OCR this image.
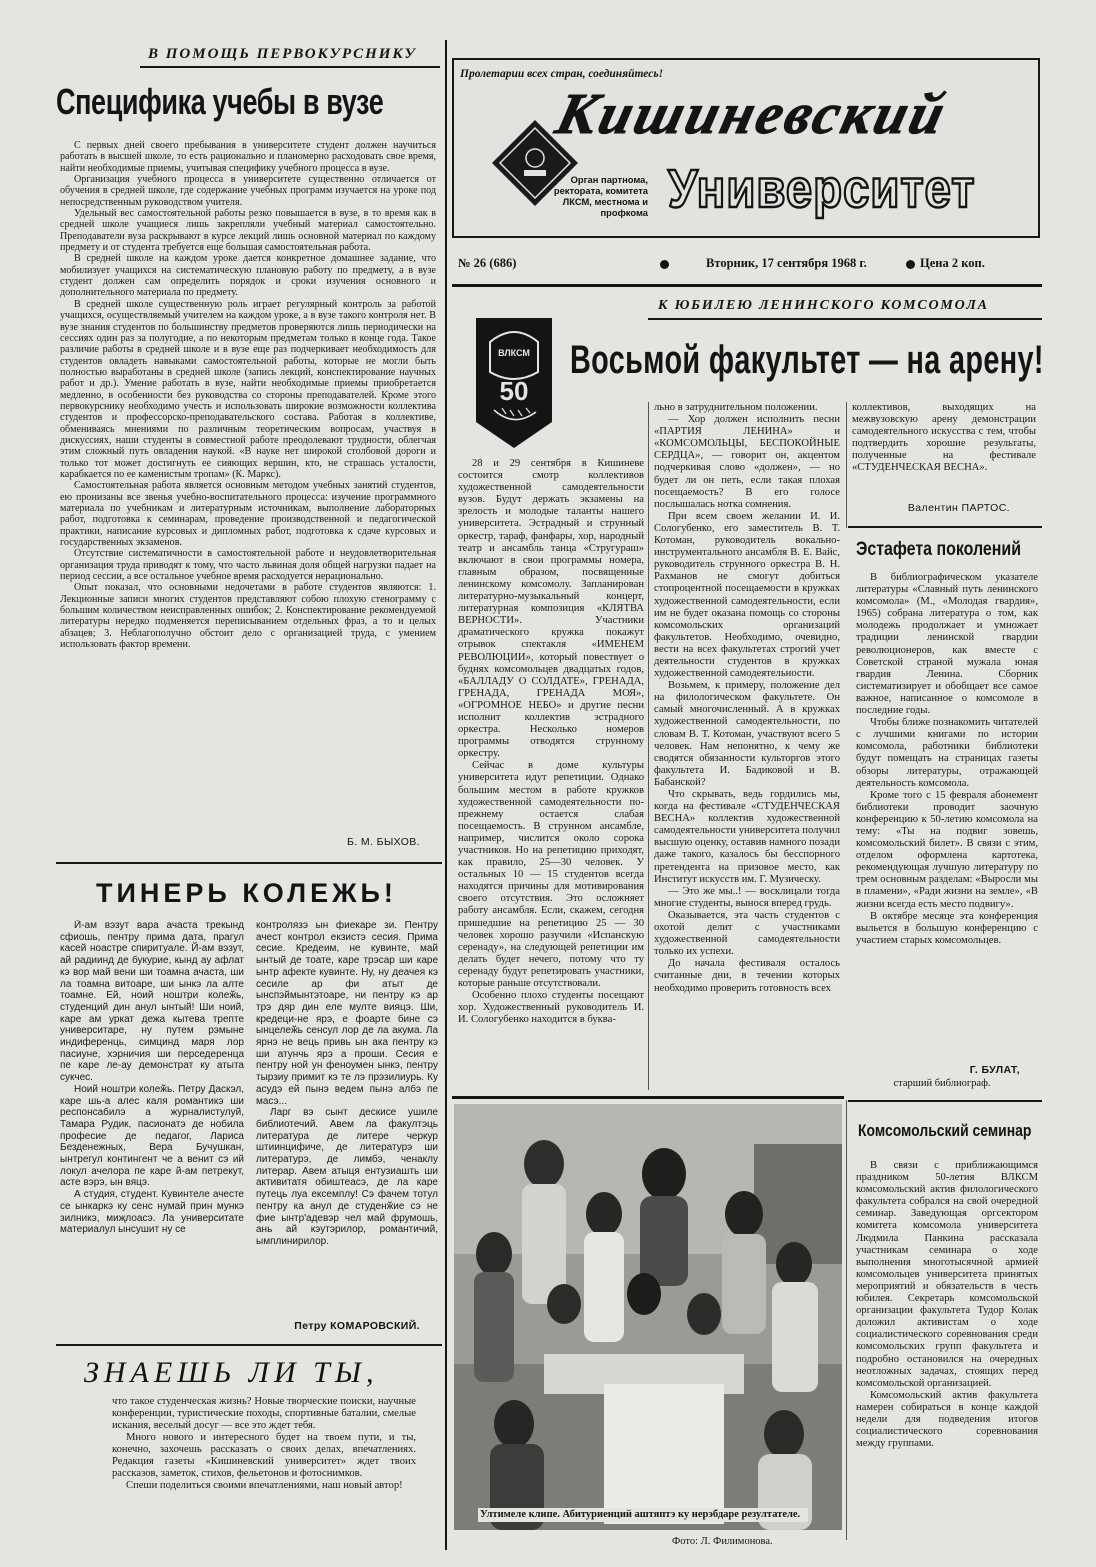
В ПОМОЩЬ ПЕРВОКУРСНИКУ
Специфика учебы в вузе

С первых дней своего пребывания в университете студент должен научиться работать в высшей школе, то есть рационально и планомерно расходовать свое время, найти необходимые приемы, учитывая специфику учебного процесса в вузе.

Организация учебного процесса в университете существенно отличается от обучения в средней школе, где содержание учебных программ изучается на уроке под непосредственным руководством учителя.

Удельный вес самостоятельной работы резко повышается в вузе, в то время как в средней школе учащиеся лишь закрепляли учебный материал самостоятельно. Преподаватели вуза раскрывают в курсе лекций лишь основной материал по каждому предмету и от студента требуется еще большая самостоятельная работа.

В средней школе на каждом уроке дается конкретное домашнее задание, что мобилизует учащихся на систематическую плановую работу по предмету, а в вузе студент должен сам определить порядок и сроки изучения основного и дополнительного материала по предмету.

В средней школе существенную роль играет регулярный контроль за работой учащихся, осуществляемый учителем на каждом уроке, а в вузе такого контроля нет. В вузе знания студентов по большинству предметов проверяются лишь периодически на сессиях один раз за полугодие, а по некоторым предметам только в конце года. Такое различие работы в средней школе и в вузе еще раз подчеркивает необходимость для студентов овладеть навыками самостоятельной работы, которые не могли быть полностью выработаны в средней школе (запись лекций, конспектирование научных работ и др.). Умение работать в вузе, найти необходимые приемы приобретается медленно, в особенности без руководства со стороны преподавателей. Кроме этого первокурснику необходимо учесть и использовать широкие возможности коллектива студентов и профессорско-преподавательского состава. Работая в коллективе, обмениваясь мнениями по различным теоретическим вопросам, участвуя в дискуссиях, наши студенты в совместной работе преодолевают трудности, облегчая этим сложный путь овладения наукой. «В науке нет широкой столбовой дороги и только тот может достигнуть ее сияющих вершин, кто, не страшась усталости, карабкается по ее каменистым тропам» (К. Маркс).

Самостоятельная работа является основным методом учебных занятий студентов, ею пронизаны все звенья учебно-воспитательного процесса: изучение программного материала по учебникам и литературным источникам, выполнение лабораторных работ, подготовка к семинарам, проведение производственной и педагогической практики, написание курсовых и дипломных работ, подготовка к сдаче курсовых и государственных экзаменов.

Отсутствие систематичности в самостоятельной работе и неудовлетворительная организация труда приводят к тому, что часто львиная доля общей нагрузки падает на период сессии, а все остальное учебное время расходуется нерационально.

Опыт показал, что основными недочетами в работе студентов являются: 1. Лекционные записи многих студентов представляют собою плохую стенограмму с большим количеством неисправленных ошибок; 2. Конспектирование рекомендуемой литературы нередко подменяется переписыванием отдельных фраз, а то и целых абзацев; 3. Неблагополучно обстоит дело с организацией труда, с умением использовать фактор времени.

Б. М. БЫХОВ.
Пролетарии всех стран, соединяйтесь!
КГУ
Кишиневский
Орган партнома, ректората, комитета ЛКСМ, местнома и профкома Университет
№ 26 (686)	Вторник, 17 сентября 1968 г.	Цена 2 коп.
К ЮБИЛЕЮ ЛЕНИНСКОГО КОМСОМОЛА
ВЛКСМ
50
Восьмой факультет — на арену!

28 и 29 сентября в Кишиневе состоится смотр коллективов художественной самодеятельности вузов. Будут держать экзамены на зрелость и молодые таланты нашего университета. Эстрадный и струнный оркестр, тараф, фанфары, хор, народный театр и ансамбль танца «Стругураш» включают в свои программы номера, главным образом, посвященные ленинскому комсомолу. Запланирован литературно-музыкальный концерт, литературная композиция «КЛЯТВА ВЕРНОСТИ». Участники драматического кружка покажут отрывок спектакля «ИМЕНЕМ РЕВОЛЮЦИИ», который повествует о буднях комсомольцев двадцатых годов, «БАЛЛАДУ О СОЛДАТЕ», ГРЕНАДА, ГРЕНАДА, ГРЕНАДА МОЯ», «ОГРОМНОЕ НЕБО» и другие песни исполнит коллектив эстрадного оркестра. Несколько номеров программы отводятся струнному оркестру.

Сейчас в доме культуры университета идут репетиции. Однако большим местом в работе кружков художественной самодеятельности по-прежнему остается слабая посещаемость. В струнном ансамбле, например, числится около сорока участников. Но на репетицию приходят, как правило, 25—30 человек. У остальных 10 — 15 студентов всегда находятся причины для мотивирования своего отсутствия. Это осложняет работу ансамбля. Если, скажем, сегодня пришедшие на репетицию 25 — 30 человек хорошо разучили «Испанскую серенаду», на следующей репетиции им делать будет нечего, потому что ту серенаду будут репетировать участники, которые раньше отсутствовали.

Особенно плохо студенты посещают хор. Художественный руководитель И. И. Сологубенко находится в буква-

льно в затруднительном положении.

— Хор должен исполнить песни «ПАРТИЯ ЛЕНИНА» и «КОМСОМОЛЬЦЫ, БЕСПОКОЙНЫЕ СЕРДЦА», — говорит он, акцентом подчеркивая слово «должен», — но будет ли он петь, если такая плохая посещаемость? В его голосе послышалась нотка сомнения.

При всем своем желании И. И. Сологубенко, его заместитель В. Т. Котоман, руководитель вокально-инструментального ансамбля В. Е. Вайс, руководитель струнного оркестра В. Н. Рахманов не смогут добиться стопроцентной посещаемости в кружках художественной самодеятельности, если им не будет оказана помощь со стороны комсомольских организаций факультетов. Необходимо, очевидно, вести на всех факультетах строгий учет деятельности студентов в кружках художественной самодеятельности.

Возьмем, к примеру, положение дел на филологическом факультете. Он самый многочисленный. А в кружках художественной самодеятельности, по словам В. Т. Котоман, участвуют всего 5 человек. Нам непонятно, к чему же сводятся обязанности культоргов этого факультета И. Бадиковой и В. Бабанской?

Что скрывать, ведь гордились мы, когда на фестивале «СТУДЕНЧЕСКАЯ ВЕСНА» коллектив художественной самодеятельности университета получил высшую оценку, оставив намного позади даже такого, казалось бы бесспорного претендента на призовое место, как Институт искусств им. Г. Музическу.

— Это же мы..! — восклицали тогда многие студенты, вынося вперед грудь.

Оказывается, эта часть студентов с охотой делит с участниками художественной самодеятельности только их успехи.

До начала фестиваля осталось считанные дни, в течении которых необходимо проверить готовность всех

коллективов, выходящих на межвузовскую арену демонстрации самодеятельного искусства с тем, чтобы подтвердить хорошие результаты, полученные на фестивале «СТУДЕНЧЕСКАЯ ВЕСНА».

Валентин ПАРТОС.
Эстафета поколений

В библиографическом указателе литературы «Славный путь ленинского комсомола» (М., «Молодая гвардия», 1965) собрана литература о том, как молодежь продолжает и умножает традиции ленинской гвардии революционеров, как вместе с Советской страной мужала юная гвардия Ленина. Сборник систематизирует и обобщает все самое важное, написанное о комсомоле в последние годы.

Чтобы ближе познакомить читателей с лучшими книгами по истории комсомола, работники библиотеки будут помещать на страницах газеты обзоры литературы, отражающей деятельность комсомола.

Кроме того с 15 февраля абонемент библиотеки проводит заочную конференцию к 50-летию комсомола на тему: «Ты на подвиг зовешь, комсомольский билет». В связи с этим, отделом оформлена картотека, рекомендующая лучшую литературу по трем основным разделам: «Выросли мы в пламени», «Ради жизни на земле», «В жизни всегда есть место подвигу».

В октябре месяце эта конференция выльется в большую конференцию с участием старых комсомольцев.

Г. БУЛАТ,
старший библиограф.
Комсомольский семинар

В связи с приближающимся праздником 50-летия ВЛКСМ комсомольский актив филологического факультета собрался на свой очередной семинар. Заведующая оргсектором комитета комсомола университета Людмила Панкина рассказала участникам семинара о ходе выполнения многотысячной армией комсомольцев университета принятых мероприятий и обязательств в честь юбилея. Секретарь комсомольской организации факультета Тудор Колак доложил активистам о ходе социалистического соревнования среди комсомольских групп факультета и подробно остановился на очередных неотложных задачах, стоящих перед комсомольской организацией.

Комсомольский актив факультета намерен собираться в конце каждой недели для подведения итогов социалистического соревнования между группами.

ТИНЕРЬ КОЛЕЖЬ!

Й-ам вэзут вара ачаста трекынд сфиошь, пентру прима дата, прагул касей ноастре спиритуале. Й-ам вэзут, ай радиинд де букурие, кынд ау афлат кэ вор май вени ши тоамна ачаста, ши ла тоамна витоаре, ши ынкэ ла алте тоамне. Ей, ноий ноштри колеӂь, студенций дин анул ынтый! Ши ноий, каре ам уркат дежа кытева трепте университаре, ну путем рэмыне индиференць, симцинд маря лор пасиуне, хэрничия ши перседеренца пе каре ле-ау демонстрат ку атыта сукчес.

Ноий ноштри колеӂь. Петру Даскэл, каре шь-а алес каля романтикэ ши респонсабилэ а журналистулуй, Тамара Рудик, пасионатэ де нобила професие де педагог, Лариса Безденежных, Вера Бучушкан, ынтрегул контингент че а венит сэ ий локул ачелора пе каре й-ам петрекут, асте вэрэ, ын вяцэ.

А студия, студент. Кувинтеле ачесте се ынкаркэ ку сенс нумай прин мункэ зилникэ, миҗлоасэ. Ла университате материалул ынсушит ну се

контролязэ ын фиекаре зи. Пентру ачест контрол екзистэ сесия. Прима сесие. Кредеим, не кувинте, май ынтый де тоате, каре трэсар ши каре ынтр афекте кувинте. Ну, ну деачея кэ сесиле ар фи атыт де ынспэймынтэтоаре, ни пентру кэ ар трэ дяр дин еле мулте вияцэ. Ши, кредеци-не ярэ, е фоарте бине сэ ынцелеӂь сенсул лор де ла акума. Ла ярнэ не вець привь ын ака пентру кэ ши атунчь ярэ а проши. Сесия е пентру ной ун феноумен ынкэ, пентру тырзиу примит кэ те лэ прэзилиурь. Ку асудэ ей пынэ ведем пынэ албэ пе масэ...

Ларг вэ сынт дескисе ушиле библиотечий. Авем ла факултэць литература де литере черкур штиинцифиче, де литературэ ши литературэ, де лимбэ, ченаклу литерар. Авем атыця ентузиашть ши активитатя обиштеасэ, де ла каре путець луа ексемплу! Сэ фачем тотул пентру ка анул де студенӂие сэ не фие ынтр'адевэр чел май фрумошь, ань ай кэутэрилор, романтичий, ымплинирилор.

Петру КОМАРОВСКИЙ.
ЗНАЕШЬ ЛИ ТЫ,

что такое студенческая жизнь? Новые творческие поиски, научные конференции, туристические походы, спортивные баталии, смелые искания, веселый досуг — все это ждет тебя.

Много нового и интересного будет на твоем пути, и ты, конечно, захочешь рассказать о своих делах, впечатлениях. Редакция газеты «Кишиневский университет» ждет твоих рассказов, заметок, стихов, фельетонов и фотоснимков.

Спеши поделиться своими впечатлениями, наш новый автор!

Ултимеле клипе. Абитуриенций аштяптэ ку нерэбдаре резултателе.
Фото: Л. Филимонова.
